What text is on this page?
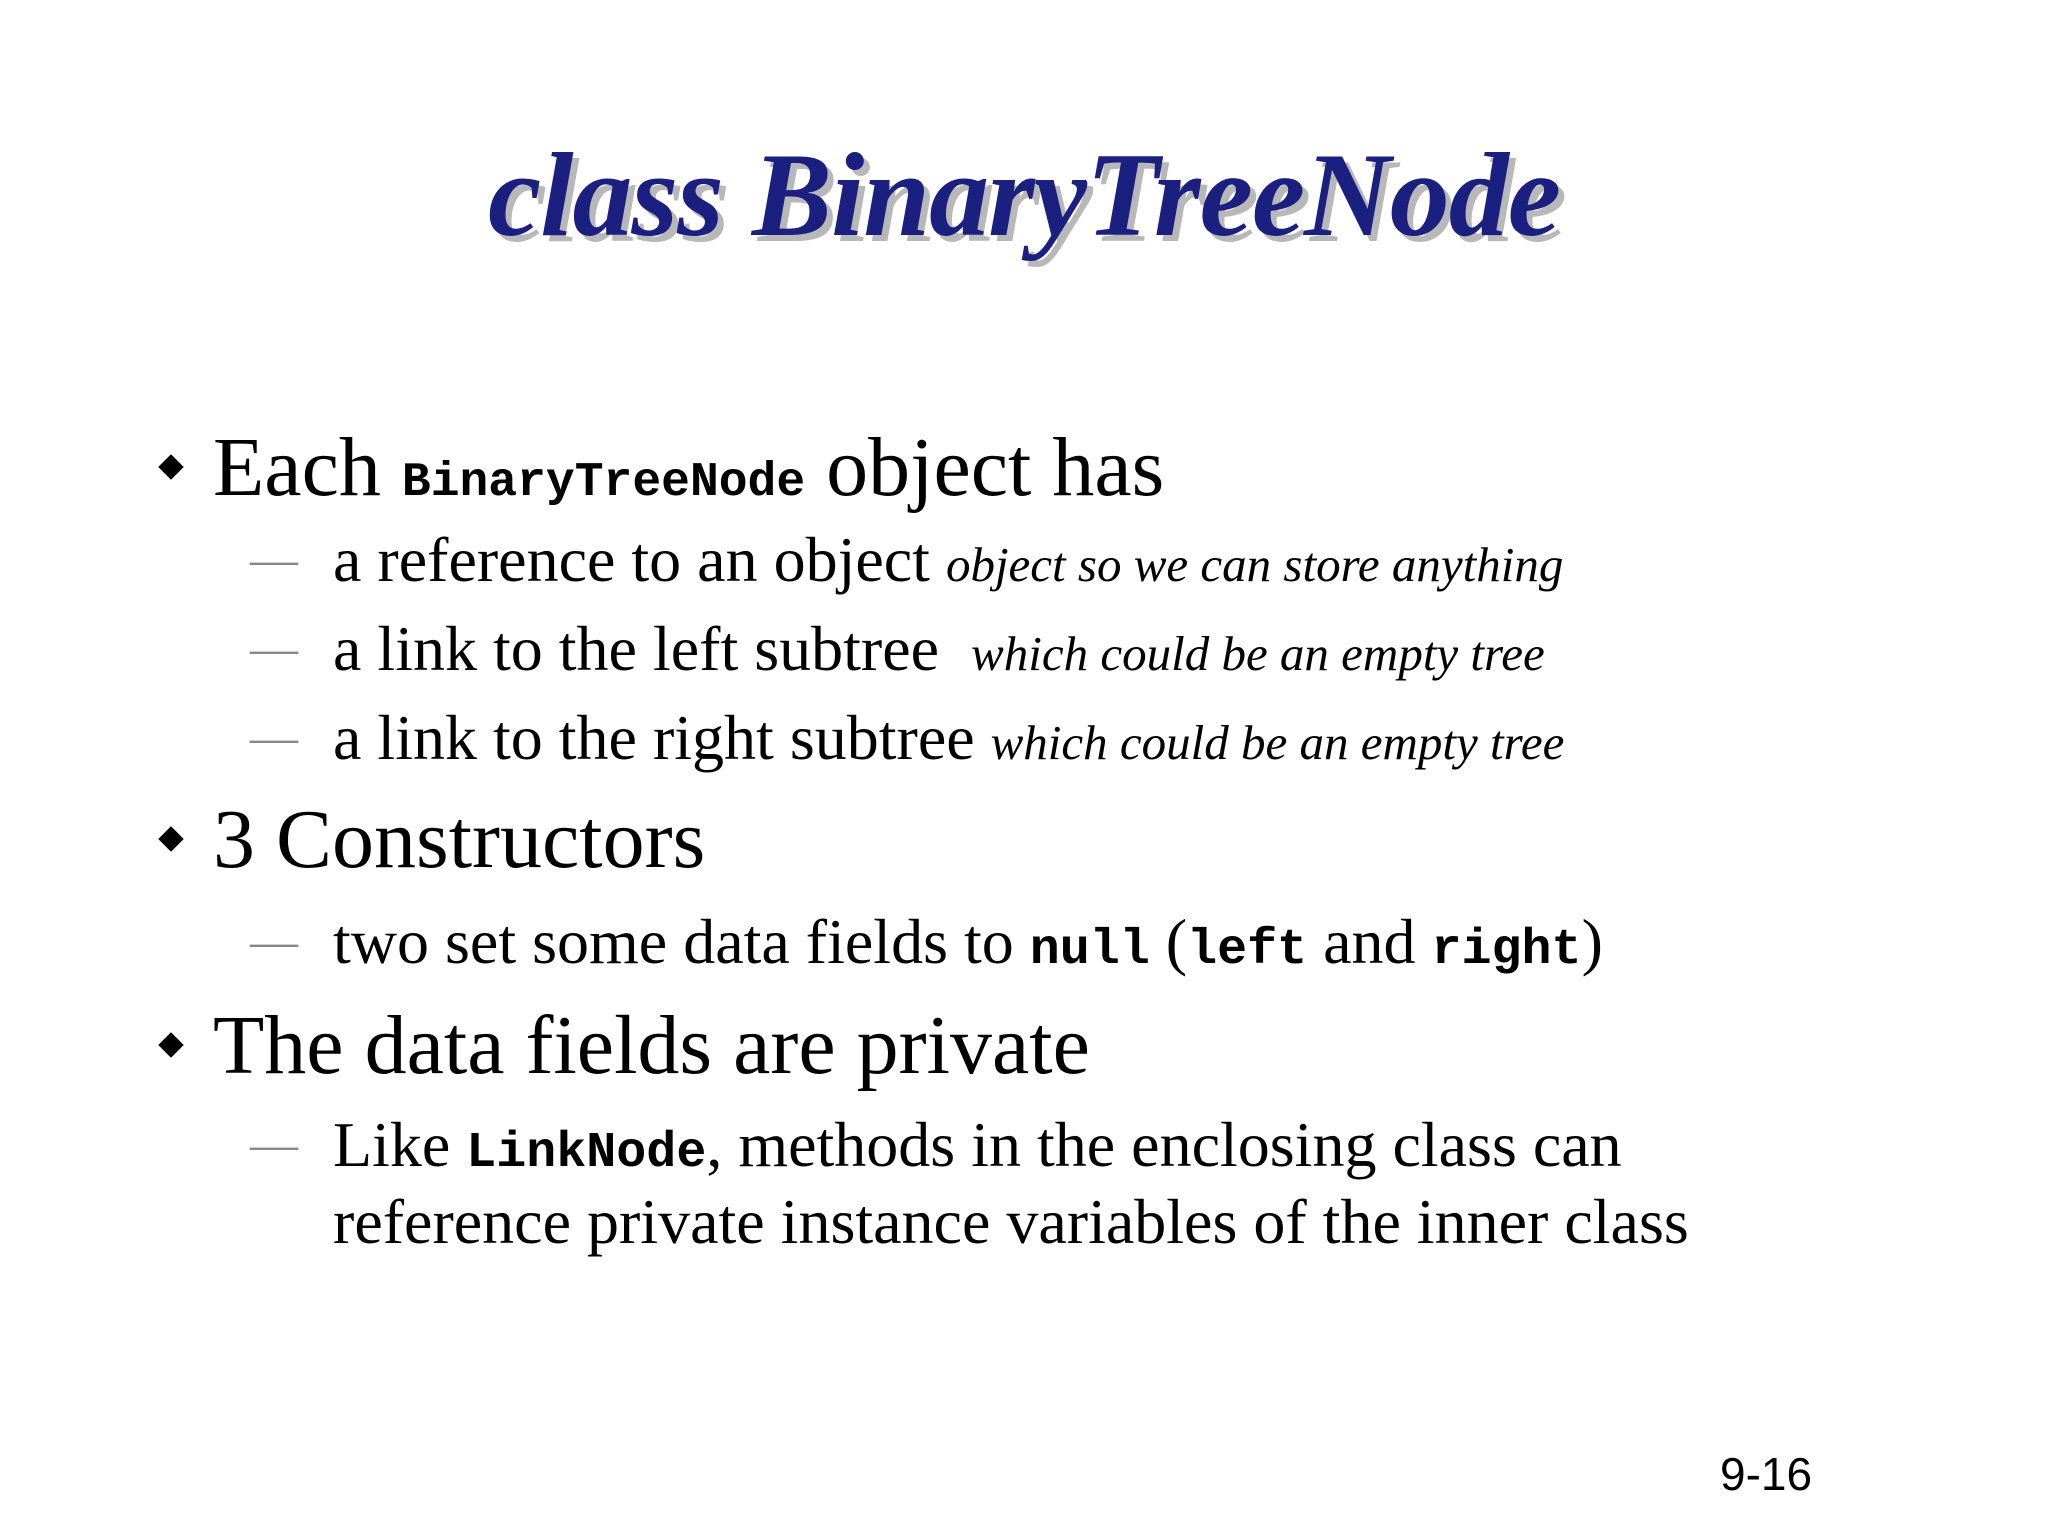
class BinaryTreeNode
Each BinaryTreeNode object has
— a reference to an object object so we can store anything
— a link to the left subtree  which could be an empty tree
— a link to the right subtree which could be an empty tree
3 Constructors
— two set some data fields to null (left and right)
The data fields are private
— Like LinkNode, methods in the enclosing class can
reference private instance variables of the inner class
9-16
